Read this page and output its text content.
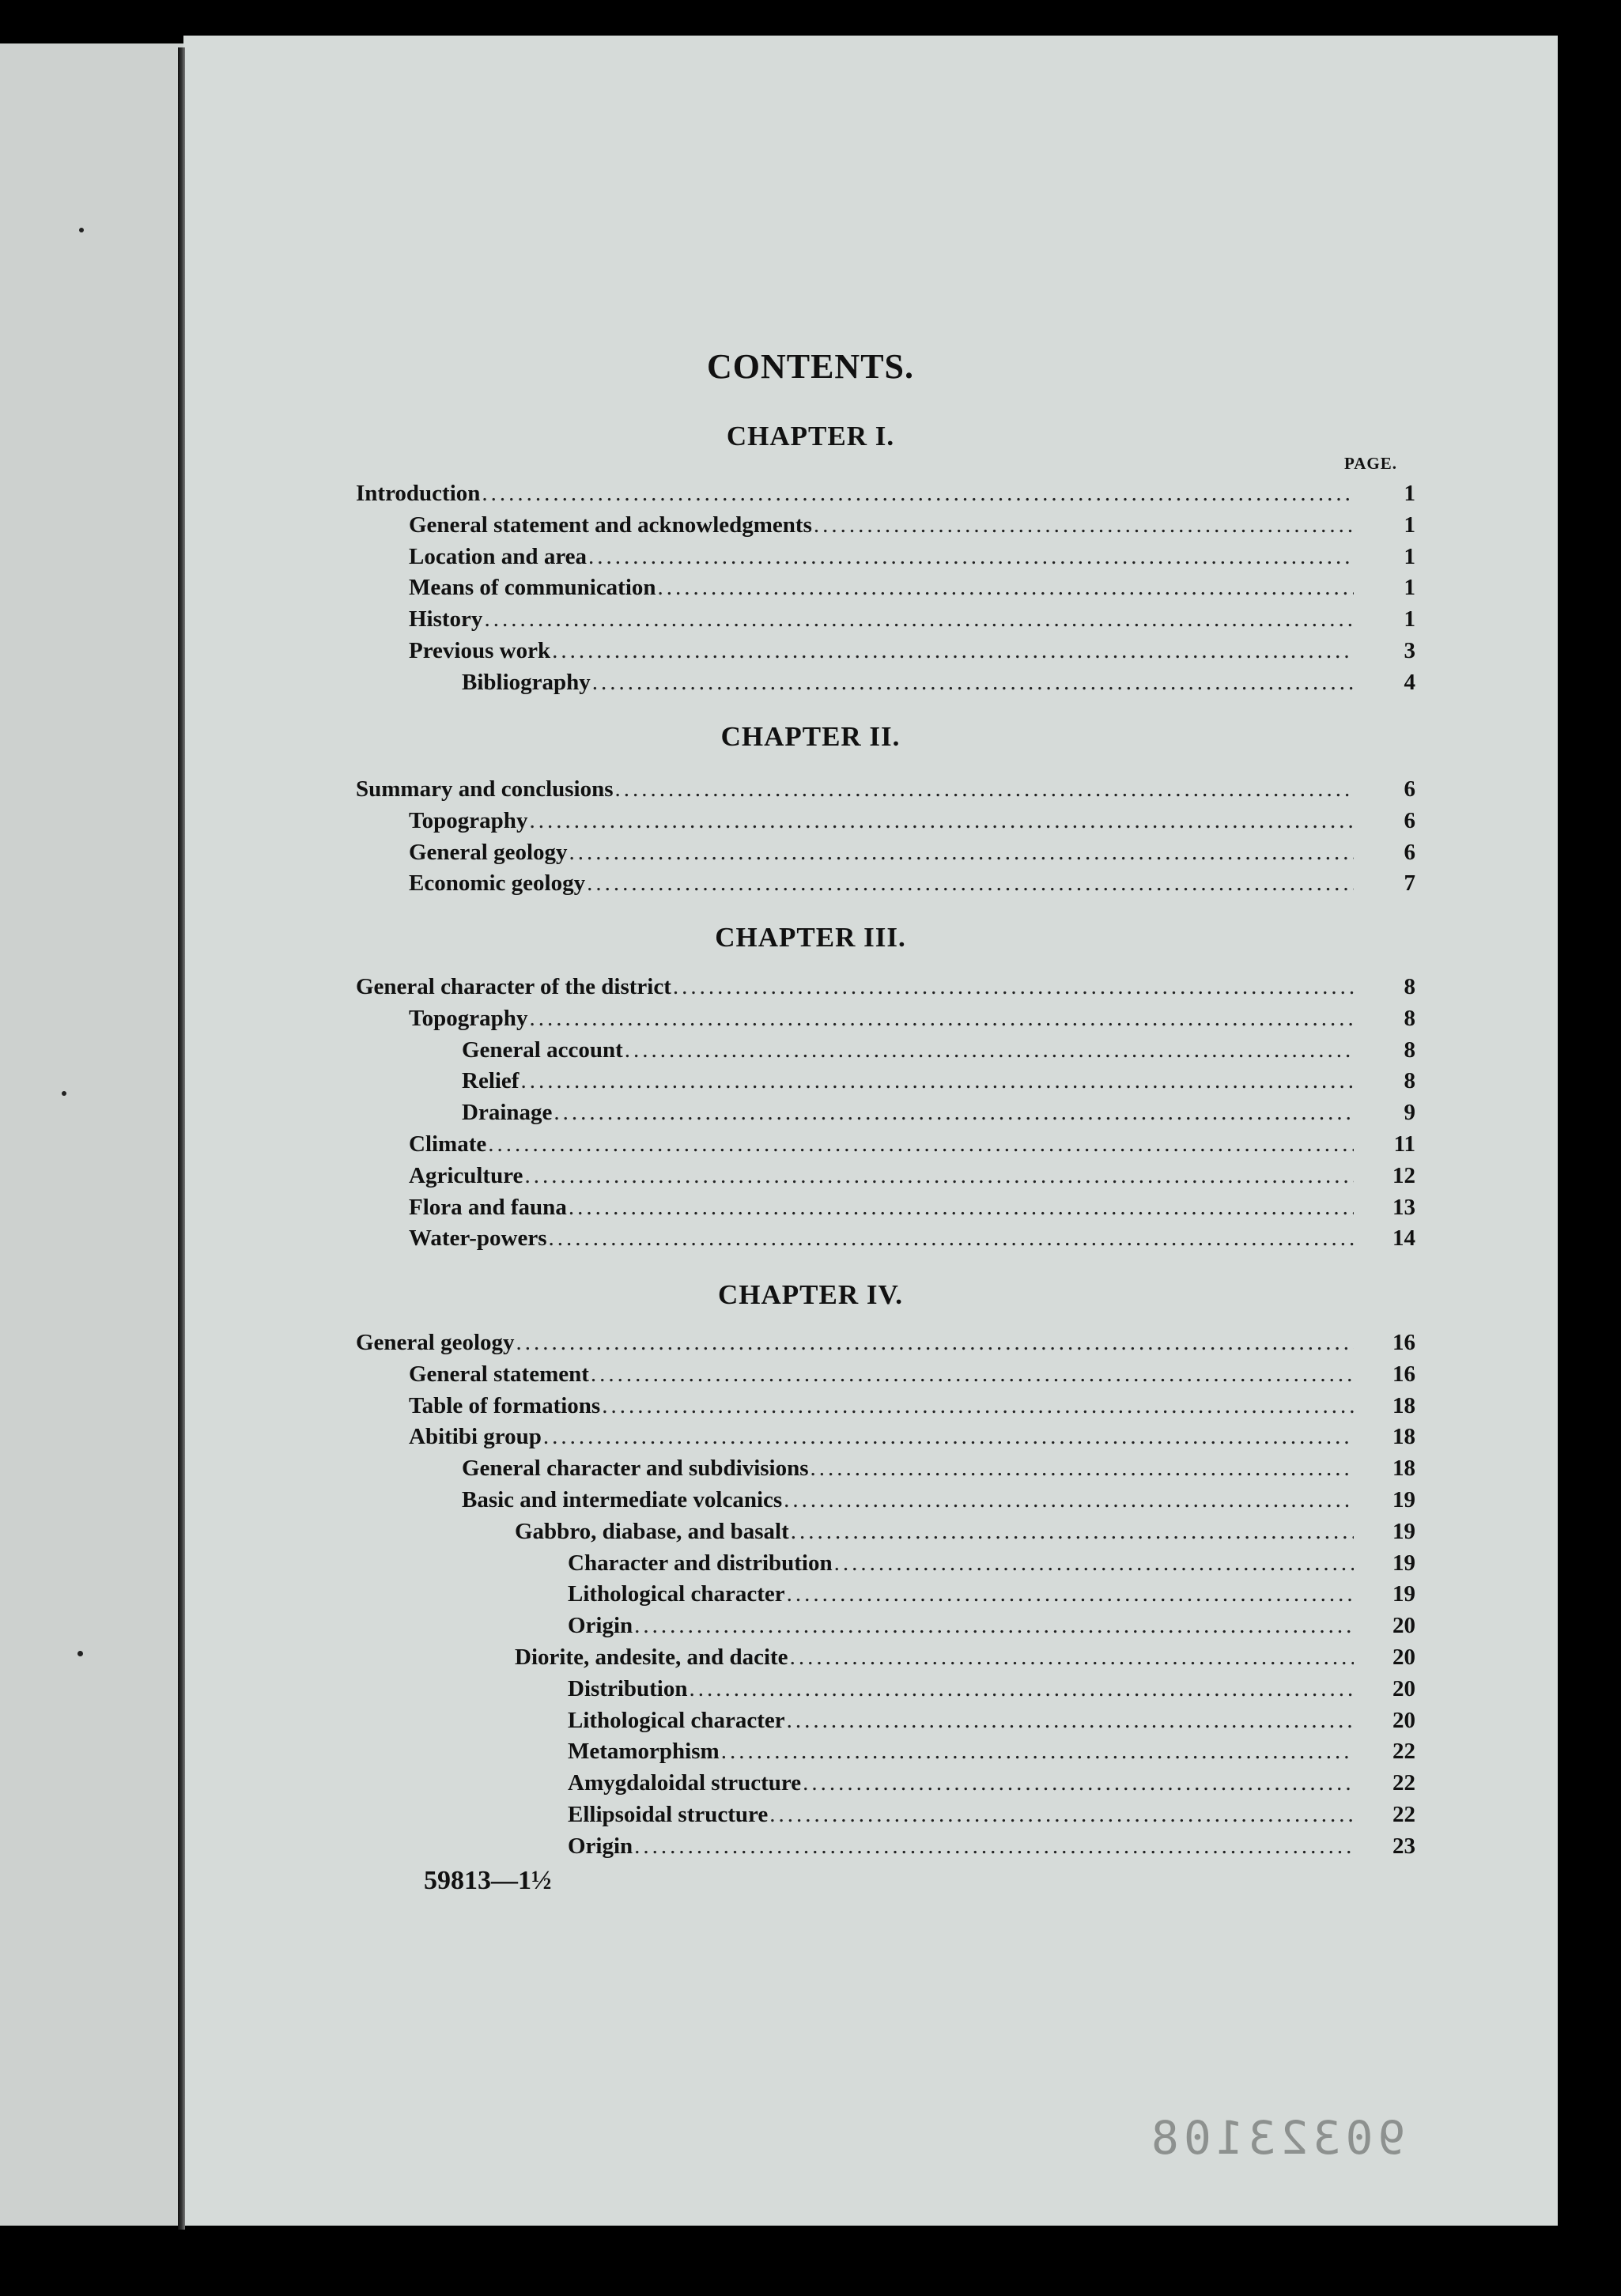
CONTENTS.
PAGE.
CHAPTER I.
Introduction .....	1
General statement and acknowledgments .....	1
Location and area .....	1
Means of communication .....	1
History .....	1
Previous work .....	3
Bibliography .....	4
CHAPTER II.
Summary and conclusions .....	6
Topography .....	6
General geology .....	6
Economic geology .....	7
CHAPTER III.
General character of the district .....	8
Topography .....	8
General account .....	8
Relief .....	8
Drainage .....	9
Climate .....	11
Agriculture .....	12
Flora and fauna .....	13
Water-powers .....	14
CHAPTER IV.
General geology .....	16
General statement .....	16
Table of formations .....	18
Abitibi group .....	18
General character and subdivisions .....	18
Basic and intermediate volcanics .....	19
Gabbro, diabase, and basalt .....	19
Character and distribution .....	19
Lithological character .....	19
Origin .....	20
Diorite, andesite, and dacite .....	20
Distribution .....	20
Lithological character .....	20
Metamorphism .....	22
Amygdaloidal structure .....	22
Ellipsoidal structure .....	22
Origin .....	23
59813—1½
90323108
